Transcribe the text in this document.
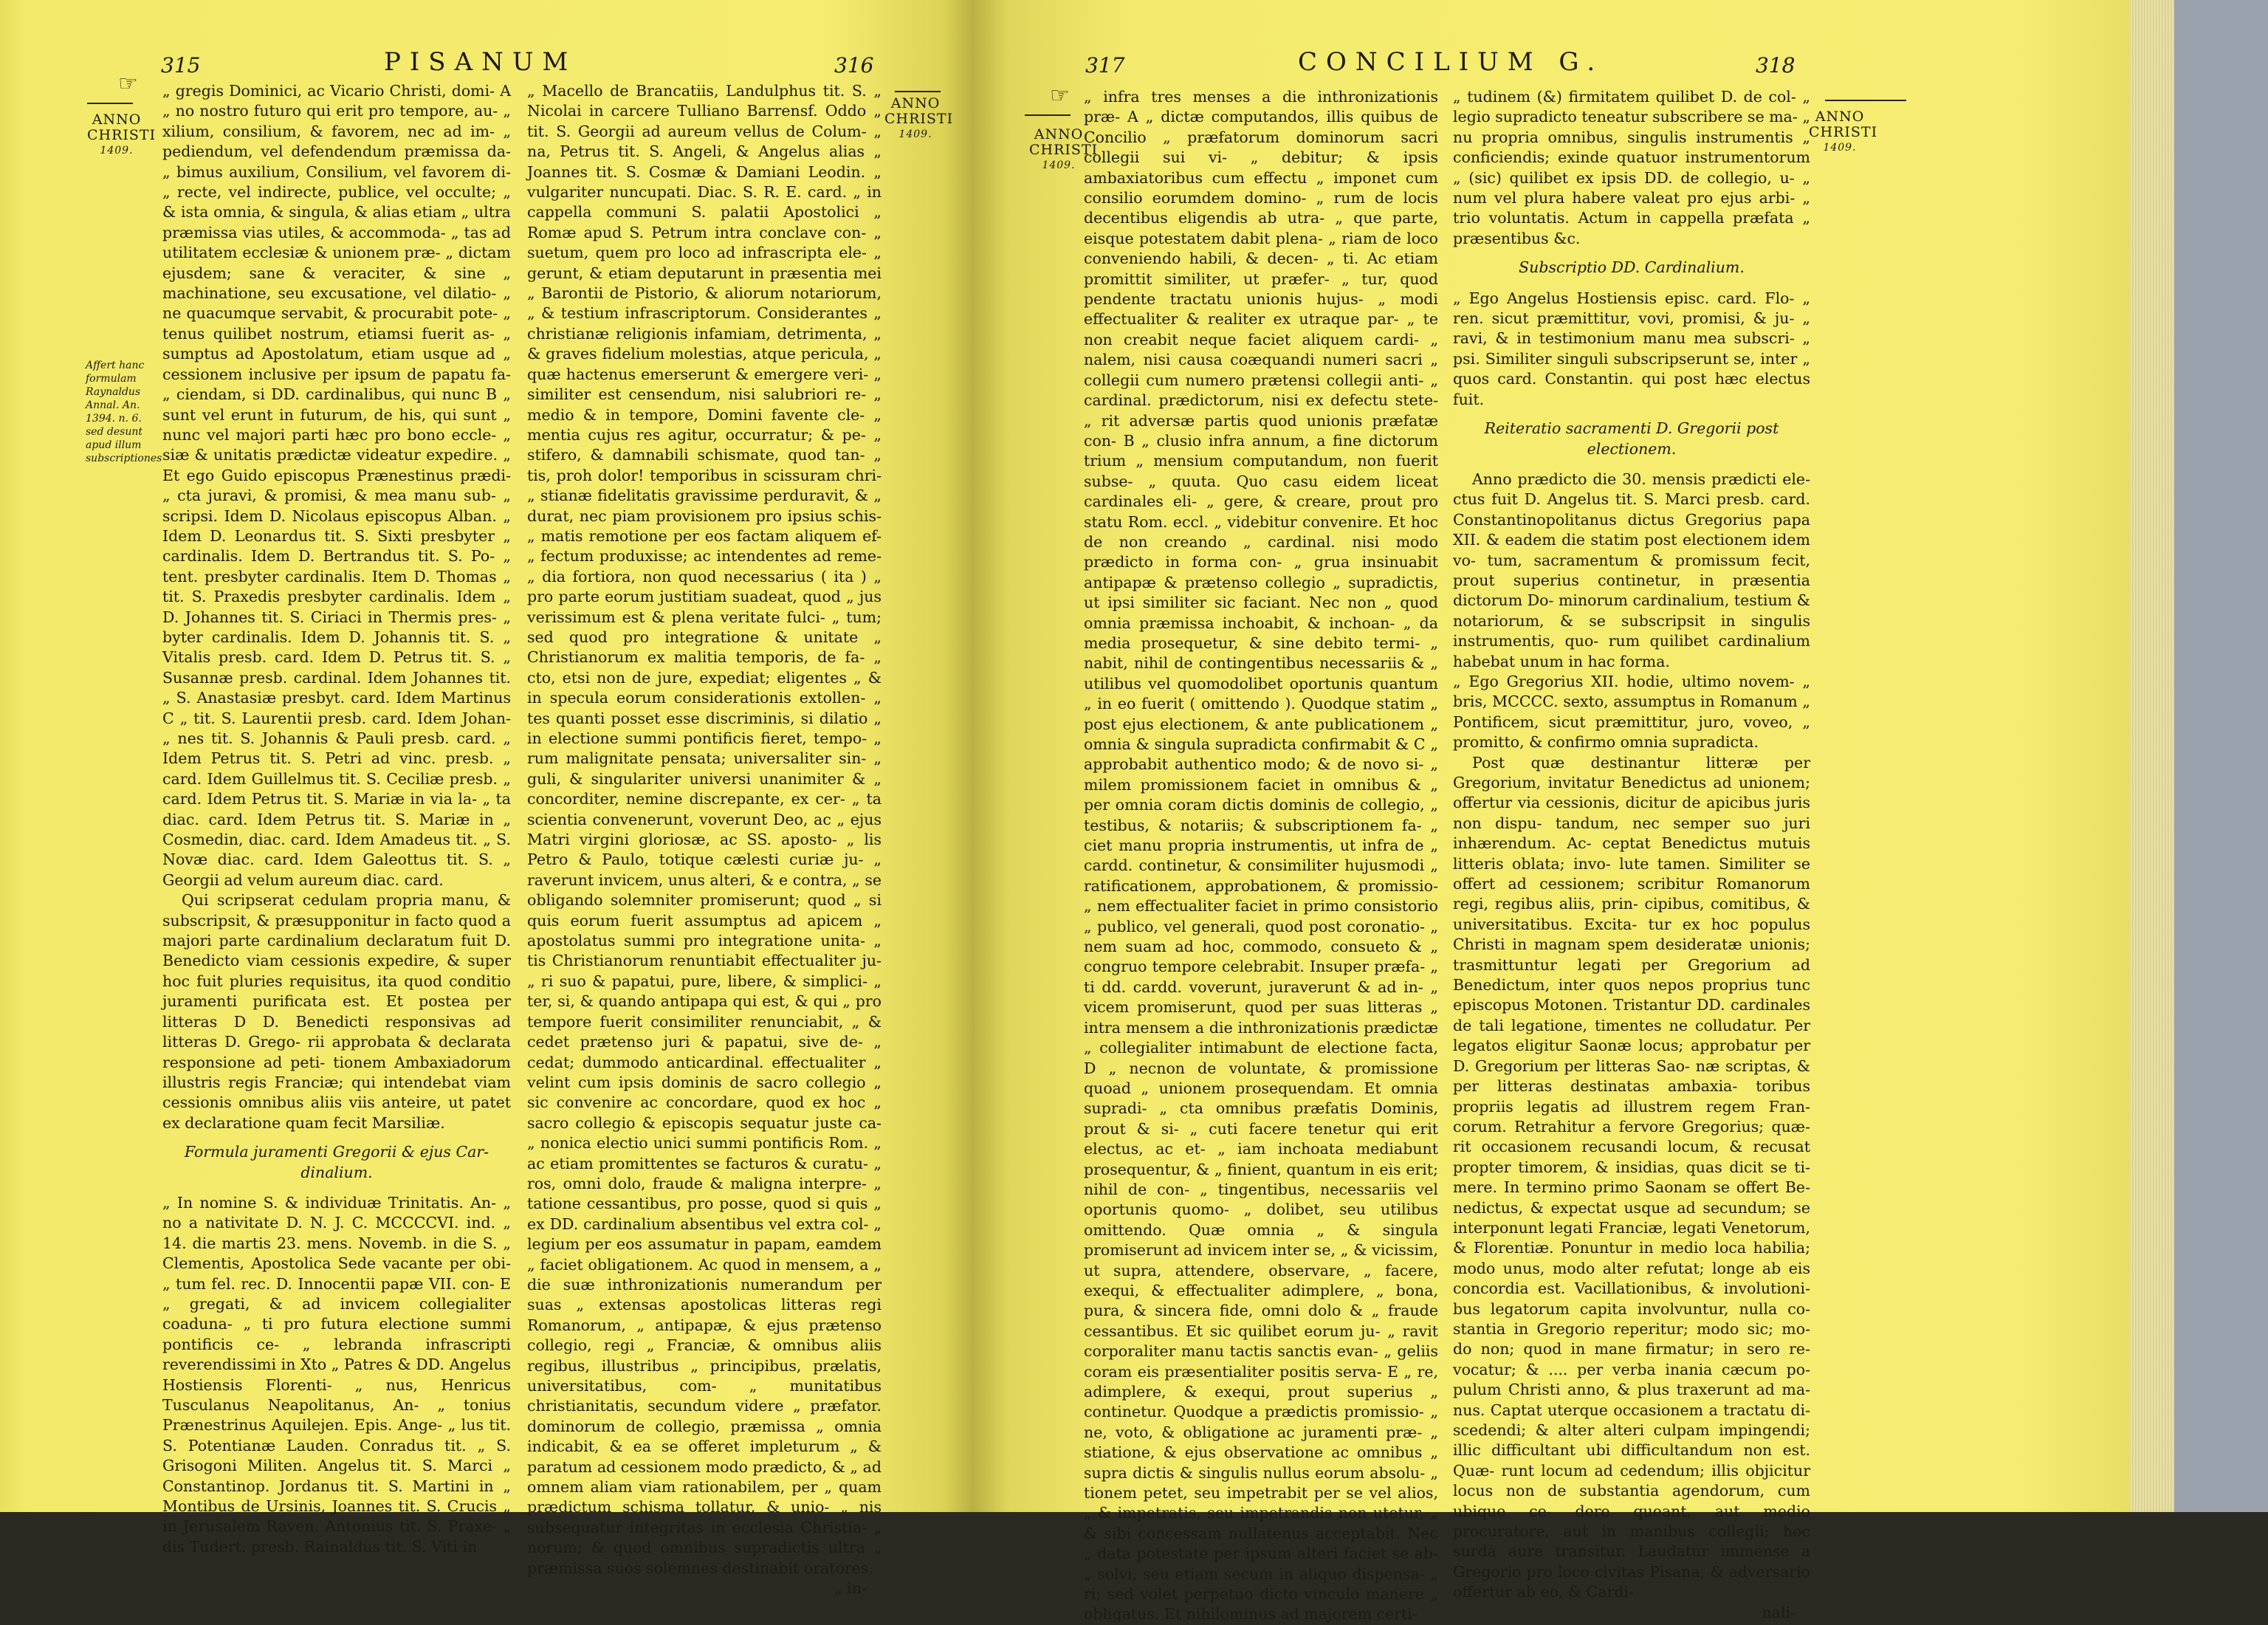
315	PISANUM	316
☞
ANNO CHRISTI
1409.
ANNO CHRISTI
1409.
Affert hanc formulam Raynaldus Annal. An. 1394. n. 6. sed desunt apud illum subscriptiones

„ gregis Dominici, ac Vicario Christi, domi- A „ no nostro futuro qui erit pro tempore, au- „ xilium, consilium, & favorem, nec ad im- „ pediendum, vel defendendum præmissa da- „ bimus auxilium, Consilium, vel favorem di- „ recte, vel indirecte, publice, vel occulte; „ & ista omnia, & singula, & alias etiam „ ultra præmissa vias utiles, & accommoda- „ tas ad utilitatem ecclesiæ & unionem præ- „ dictam ejusdem; sane & veraciter, & sine „ machinatione, seu excusatione, vel dilatio- „ ne quacumque servabit, & procurabit pote- „ tenus quilibet nostrum, etiamsi fuerit as- „ sumptus ad Apostolatum, etiam usque ad „ cessionem inclusive per ipsum de papatu fa- „ ciendam, si DD. cardinalibus, qui nunc B „ sunt vel erunt in futurum, de his, qui sunt „ nunc vel majori parti hæc pro bono eccle- „ siæ & unitatis prædictæ videatur expedire. „ Et ego Guido episcopus Prænestinus prædi- „ cta juravi, & promisi, & mea manu sub- „ scripsi. Idem D. Nicolaus episcopus Alban. „ Idem D. Leonardus tit. S. Sixti presbyter „ cardinalis. Idem D. Bertrandus tit. S. Po- „ tent. presbyter cardinalis. Item D. Thomas „ tit. S. Praxedis presbyter cardinalis. Idem „ D. Johannes tit. S. Ciriaci in Thermis pres- „ byter cardinalis. Idem D. Johannis tit. S. „ Vitalis presb. card. Idem D. Petrus tit. S. „ Susannæ presb. cardinal. Idem Johannes tit. „ S. Anastasiæ presbyt. card. Idem Martinus C „ tit. S. Laurentii presb. card. Idem Johan- „ nes tit. S. Johannis & Pauli presb. card. „ Idem Petrus tit. S. Petri ad vinc. presb. „ card. Idem Guillelmus tit. S. Ceciliæ presb. „ card. Idem Petrus tit. S. Mariæ in via la- „ ta diac. card. Idem Petrus tit. S. Mariæ in „ Cosmedin, diac. card. Idem Amadeus tit. „ S. Novæ diac. card. Idem Galeottus tit. S. „ Georgii ad velum aureum diac. card.

Qui scripserat cedulam propria manu, & subscripsit, & præsupponitur in facto quod a majori parte cardinalium declaratum fuit D. Benedicto viam cessionis expedire, & super hoc fuit pluries requisitus, ita quod conditio juramenti purificata est. Et postea per litteras D D. Benedicti responsivas ad litteras D. Grego- rii approbata & declarata responsione ad peti- tionem Ambaxiadorum illustris regis Franciæ; qui intendebat viam cessionis omnibus aliis viis anteire, ut patet ex declaratione quam fecit Marsiliæ.

Formula juramenti Gregorii & ejus Car- dinalium.

„ In nomine S. & individuæ Trinitatis. An- „ no a nativitate D. N. J. C. MCCCCVI. ind. „ 14. die martis 23. mens. Novemb. in die S. „ Clementis, Apostolica Sede vacante per obi- „ tum fel. rec. D. Innocentii papæ VII. con- E „ gregati, & ad invicem collegialiter coaduna- „ ti pro futura electione summi pontificis ce- „ lebranda infrascripti reverendissimi in Xto „ Patres & DD. Angelus Hostiensis Florenti- „ nus, Henricus Tusculanus Neapolitanus, An- „ tonius Prænestrinus Aquilejen. Epis. Ange- „ lus tit. S. Potentianæ Lauden. Conradus tit. „ S. Grisogoni Militen. Angelus tit. S. Marci „ Constantinop. Jordanus tit. S. Martini in „ Montibus de Ursinis, Joannes tit. S. Crucis „ in Jerusalem Raven. Antonius tit. S. Praxe- „ dis Tudert. presb. Rainaldus tit. S. Viti in

„ Macello de Brancatiis, Landulphus tit. S. „ Nicolai in carcere Tulliano Barrensf. Oddo „ tit. S. Georgii ad aureum vellus de Colum- „ na, Petrus tit. S. Angeli, & Angelus alias „ Joannes tit. S. Cosmæ & Damiani Leodin. „ vulgariter nuncupati. Diac. S. R. E. card. „ in cappella communi S. palatii Apostolici „ Romæ apud S. Petrum intra conclave con- „ suetum, quem pro loco ad infrascripta ele- „ gerunt, & etiam deputarunt in præsentia mei „ Barontii de Pistorio, & aliorum notariorum, „ & testium infrascriptorum. Considerantes „ christianæ religionis infamiam, detrimenta, „ & graves fidelium molestias, atque pericula, „ quæ hactenus emerserunt & emergere veri- „ similiter est censendum, nisi salubriori re- „ medio & in tempore, Domini favente cle- „ mentia cujus res agitur, occurratur; & pe- „ stifero, & damnabili schismate, quod tan- „ tis, proh dolor! temporibus in scissuram chri- „ stianæ fidelitatis gravissime perduravit, & „ durat, nec piam provisionem pro ipsius schis- „ matis remotione per eos factam aliquem ef- „ fectum produxisse; ac intendentes ad reme- „ dia fortiora, non quod necessarius ( ita ) „ pro parte eorum justitiam suadeat, quod „ jus verissimum est & plena veritate fulci- „ tum; sed quod pro integratione & unitate „ Christianorum ex malitia temporis, de fa- „ cto, etsi non de jure, expediat; eligentes „ & in specula eorum considerationis extollen- „ tes quanti posset esse discriminis, si dilatio „ in electione summi pontificis fieret, tempo- „ rum malignitate pensata; universaliter sin- „ guli, & singulariter universi unanimiter & „ concorditer, nemine discrepante, ex cer- „ ta scientia convenerunt, voverunt Deo, ac „ ejus Matri virgini gloriosæ, ac SS. aposto- „ lis Petro & Paulo, totique cælesti curiæ ju- „ raverunt invicem, unus alteri, & e contra, „ se obligando solemniter promiserunt; quod „ si quis eorum fuerit assumptus ad apicem „ apostolatus summi pro integratione unita- „ tis Christianorum renuntiabit effectualiter ju- „ ri suo & papatui, pure, libere, & simplici- „ ter, si, & quando antipapa qui est, & qui „ pro tempore fuerit consimiliter renunciabit, „ & cedet prætenso juri & papatui, sive de- „ cedat; dummodo anticardinal. effectualiter „ velint cum ipsis dominis de sacro collegio „ sic convenire ac concordare, quod ex hoc „ sacro collegio & episcopis sequatur juste ca- „ nonica electio unici summi pontificis Rom. „ ac etiam promittentes se facturos & curatu- „ ros, omni dolo, fraude & maligna interpre- „ tatione cessantibus, pro posse, quod si quis „ ex DD. cardinalium absentibus vel extra col- „ legium per eos assumatur in papam, eamdem „ faciet obligationem. Ac quod in mensem, a „ die suæ inthronizationis numerandum per suas „ extensas apostolicas litteras regi Romanorum, „ antipapæ, & ejus prætenso collegio, regi „ Franciæ, & omnibus aliis regibus, illustribus „ principibus, prælatis, universitatibus, com- „ munitatibus christianitatis, secundum videre „ præfator. dominorum de collegio, præmissa „ omnia indicabit, & ea se offeret impleturum „ & paratum ad cessionem modo prædicto, & „ ad omnem aliam viam rationabilem, per „ quam prædictum schisma tollatur, & unio- „ nis subsequatur integritas in ecclesia Christia- „ norum; & quod omnibus supradictis ultra „ præmissa suos solemnes destinabit oratores,

„ in-

317	CONCILIUM G.	318
☞
ANNO CHRISTI
1409.
ANNO CHRISTI
1409.

„ infra tres menses a die inthronizationis præ- A „ dictæ computandos, illis quibus de Concilio „ præfatorum dominorum sacri collegii sui vi- „ debitur; & ipsis ambaxiatoribus cum effectu „ imponet cum consilio eorumdem domino- „ rum de locis decentibus eligendis ab utra- „ que parte, eisque potestatem dabit plena- „ riam de loco conveniendo habili, & decen- „ ti. Ac etiam promittit similiter, ut præfer- „ tur, quod pendente tractatu unionis hujus- „ modi effectualiter & realiter ex utraque par- „ te non creabit neque faciet aliquem cardi- „ nalem, nisi causa coæquandi numeri sacri „ collegii cum numero prætensi collegii anti- „ cardinal. prædictorum, nisi ex defectu stete- „ rit adversæ partis quod unionis præfatæ con- B „ clusio infra annum, a fine dictorum trium „ mensium computandum, non fuerit subse- „ quuta. Quo casu eidem liceat cardinales eli- „ gere, & creare, prout pro statu Rom. eccl. „ videbitur convenire. Et hoc de non creando „ cardinal. nisi modo prædicto in forma con- „ grua insinuabit antipapæ & prætenso collegio „ supradictis, ut ipsi similiter sic faciant. Nec non „ quod omnia præmissa inchoabit, & inchoan- „ da media prosequetur, & sine debito termi- „ nabit, nihil de contingentibus necessariis & „ utilibus vel quomodolibet oportunis quantum „ in eo fuerit ( omittendo ). Quodque statim „ post ejus electionem, & ante publicationem „ omnia & singula supradicta confirmabit & C „ approbabit authentico modo; & de novo si- „ milem promissionem faciet in omnibus & „ per omnia coram dictis dominis de collegio, „ testibus, & notariis; & subscriptionem fa- „ ciet manu propria instrumentis, ut infra de „ cardd. continetur, & consimiliter hujusmodi „ ratificationem, approbationem, & promissio- „ nem effectualiter faciet in primo consistorio „ publico, vel generali, quod post coronatio- „ nem suam ad hoc, commodo, consueto & „ congruo tempore celebrabit. Insuper præfa- „ ti dd. cardd. voverunt, juraverunt & ad in- „ vicem promiserunt, quod per suas litteras „ intra mensem a die inthronizationis prædictæ „ collegialiter intimabunt de electione facta, D „ necnon de voluntate, & promissione quoad „ unionem prosequendam. Et omnia supradi- „ cta omnibus præfatis Dominis, prout & si- „ cuti facere tenetur qui erit electus, ac et- „ iam inchoata mediabunt prosequentur, & „ finient, quantum in eis erit; nihil de con- „ tingentibus, necessariis vel oportunis quomo- „ dolibet, seu utilibus omittendo. Quæ omnia „ & singula promiserunt ad invicem inter se, „ & vicissim, ut supra, attendere, observare, „ facere, exequi, & effectualiter adimplere, „ bona, pura, & sincera fide, omni dolo & „ fraude cessantibus. Et sic quilibet eorum ju- „ ravit corporaliter manu tactis sanctis evan- „ geliis coram eis præsentialiter positis serva- E „ re, adimplere, & exequi, prout superius „ continetur. Quodque a prædictis promissio- „ ne, voto, & obligatione ac juramenti præ- „ stiatione, & ejus observatione ac omnibus „ supra dictis & singulis nullus eorum absolu- „ tionem petet, seu impetrabit per se vel alios, „ & impetratis, seu impetrandis non utetur, „ & sibi concessam nullatenus acceptabit. Nec „ data potestate per ipsum alteri faciet se ab- „ solvi, seu etiam secum in aliquo dispensa- „ ri; sed volet perpetuo dicto vinculo manere „ obligatus. Et nihilominus ad majorem certi-

„ tudinem (&) firmitatem quilibet D. de col- „ legio supradicto teneatur subscribere se ma- „ nu propria omnibus, singulis instrumentis „ conficiendis; exinde quatuor instrumentorum „ (sic) quilibet ex ipsis DD. de collegio, u- „ num vel plura habere valeat pro ejus arbi- „ trio voluntatis. Actum in cappella præfata „ præsentibus &c.

Subscriptio DD. Cardinalium.

„ Ego Angelus Hostiensis episc. card. Flo- „ ren. sicut præmittitur, vovi, promisi, & ju- „ ravi, & in testimonium manu mea subscri- „ psi. Similiter singuli subscripserunt se, inter „ quos card. Constantin. qui post hæc electus fuit.

Reiteratio sacramenti D. Gregorii post electionem.

Anno prædicto die 30. mensis prædicti ele- ctus fuit D. Angelus tit. S. Marci presb. card. Constantinopolitanus dictus Gregorius papa XII. & eadem die statim post electionem idem vo- tum, sacramentum & promissum fecit, prout superius continetur, in præsentia dictorum Do- minorum cardinalium, testium & notariorum, & se subscripsit in singulis instrumentis, quo- rum quilibet cardinalium habebat unum in hac forma.

„ Ego Gregorius XII. hodie, ultimo novem- „ bris, MCCCC. sexto, assumptus in Romanum „ Pontificem, sicut præmittitur, juro, voveo, „ promitto, & confirmo omnia supradicta.

Post quæ destinantur litteræ per Gregorium, invitatur Benedictus ad unionem; offertur via cessionis, dicitur de apicibus juris non dispu- tandum, nec semper suo juri inhærendum. Ac- ceptat Benedictus mutuis litteris oblata; invo- lute tamen. Similiter se offert ad cessionem; scribitur Romanorum regi, regibus aliis, prin- cipibus, comitibus, & universitatibus. Excita- tur ex hoc populus Christi in magnam spem desideratæ unionis; trasmittuntur legati per Gregorium ad Benedictum, inter quos nepos proprius tunc episcopus Motonen. Tristantur DD. cardinales de tali legatione, timentes ne colludatur. Per legatos eligitur Saonæ locus; approbatur per D. Gregorium per litteras Sao- næ scriptas, & per litteras destinatas ambaxia- toribus propriis legatis ad illustrem regem Fran- corum. Retrahitur a fervore Gregorius; quæ- rit occasionem recusandi locum, & recusat propter timorem, & insidias, quas dicit se ti- mere. In termino primo Saonam se offert Be- nedictus, & expectat usque ad secundum; se interponunt legati Franciæ, legati Venetorum, & Florentiæ. Ponuntur in medio loca habilia; modo unus, modo alter refutat; longe ab eis concordia est. Vacillationibus, & involutioni- bus legatorum capita involvuntur, nulla co- stantia in Gregorio reperitur; modo sic; mo- do non; quod in mane firmatur; in sero re- vocatur; & .... per verba inania cæcum po- pulum Christi anno, & plus traxerunt ad ma- nus. Captat uterque occasionem a tractatu di- scedendi; & alter alteri culpam impingendi; illic difficultant ubi difficultandum non est. Quæ- runt locum ad cedendum; illis objicitur locus non de substantia agendorum, cum ubique ce- dere queant, aut medio procuratore, aut in manibus collegii; hoc surda aure transitur. Laudatur immense a Gregorio pro loco civitas Pisana, & adversario offertur ab eo, & Cardi-

nali-
